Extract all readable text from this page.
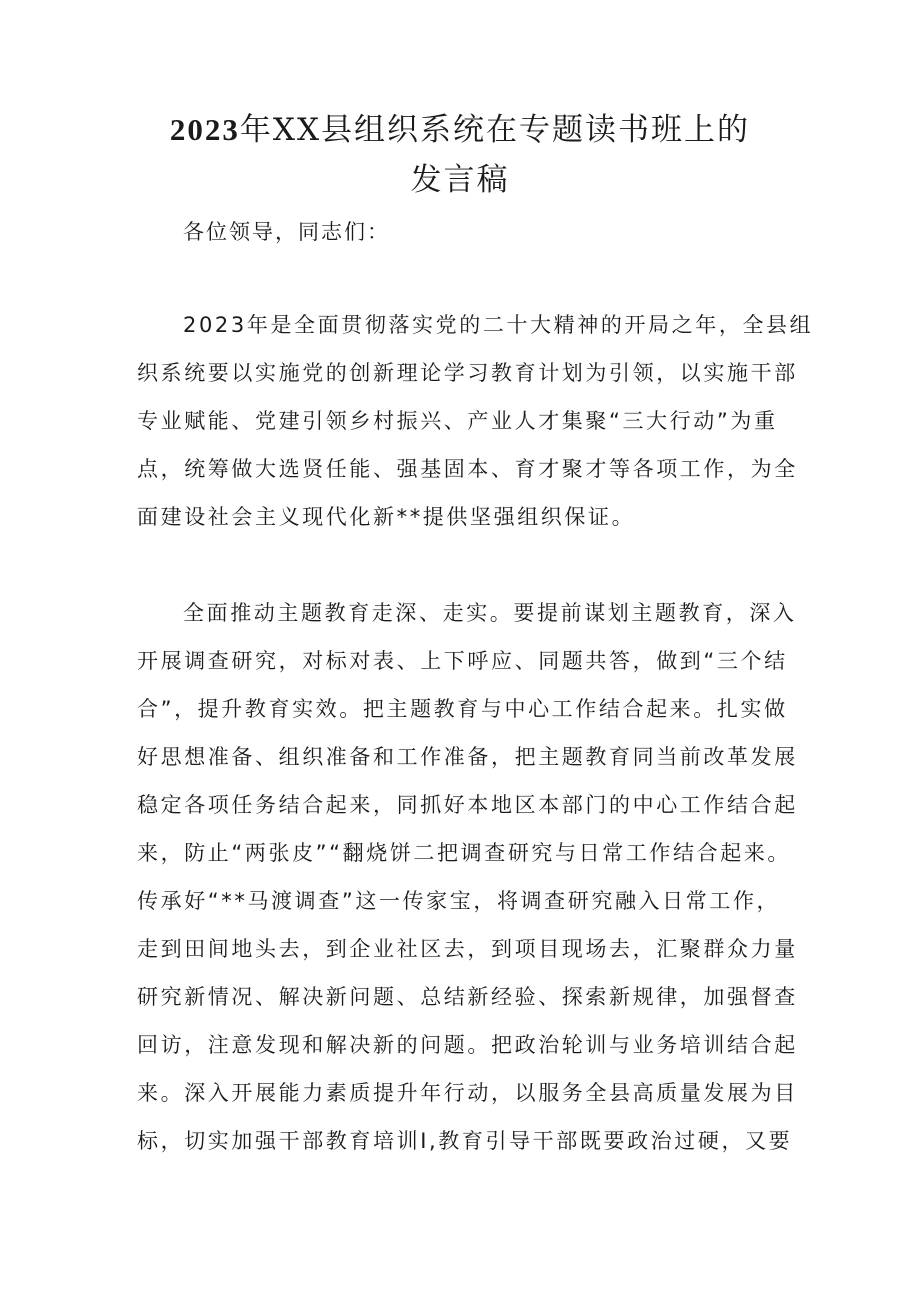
2023年XX县组织系统在专题读书班上的
发言稿
各位领导，同志们：
2023年是全面贯彻落实党的二十大精神的开局之年，全县组
织系统要以实施党的创新理论学习教育计划为引领，以实施干部
专业赋能、党建引领乡村振兴、产业人才集聚“三大行动”为重
点，统筹做大选贤任能、强基固本、育才聚才等各项工作，为全
面建设社会主义现代化新**提供坚强组织保证。
全面推动主题教育走深、走实。要提前谋划主题教育，深入
开展调查研究，对标对表、上下呼应、同题共答，做到“三个结
合”，提升教育实效。把主题教育与中心工作结合起来。扎实做
好思想准备、组织准备和工作准备，把主题教育同当前改革发展
稳定各项任务结合起来，同抓好本地区本部门的中心工作结合起
来，防止“两张皮”“翻烧饼二把调查研究与日常工作结合起来。
传承好“**马渡调查”这一传家宝，将调查研究融入日常工作，
走到田间地头去，到企业社区去，到项目现场去，汇聚群众力量
研究新情况、解决新问题、总结新经验、探索新规律，加强督查
回访，注意发现和解决新的问题。把政治轮训与业务培训结合起
来。深入开展能力素质提升年行动，以服务全县高质量发展为目
标，切实加强干部教育培训I,教育引导干部既要政治过硬，又要
